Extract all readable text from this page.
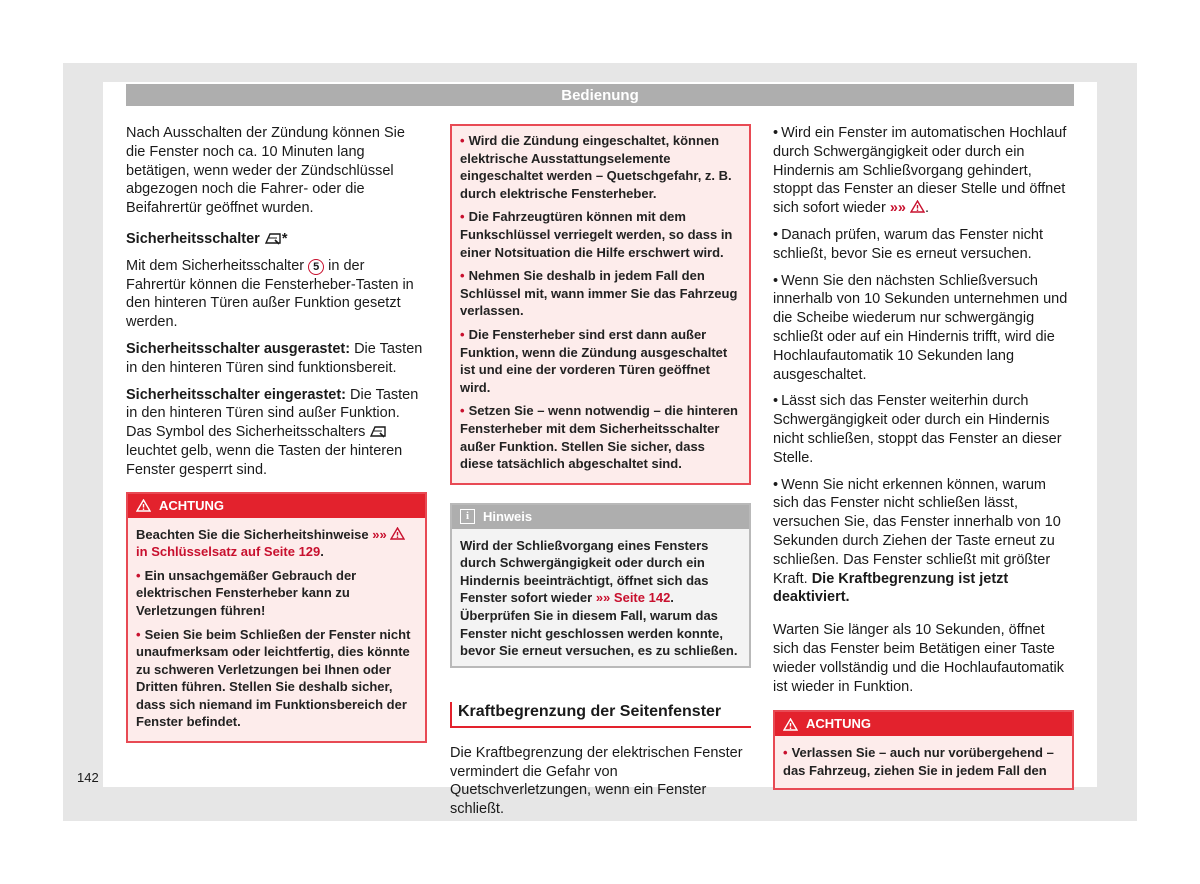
Bedienung

Nach Ausschalten der Zündung können Sie die Fenster noch ca. 10 Minuten lang betätigen, wenn weder der Zündschlüssel abgezogen noch die Fahrer- oder die Beifahrertür geöffnet wurden.

Sicherheitsschalter *

Mit dem Sicherheitsschalter 5 in der Fahrertür können die Fensterheber-Tasten in den hinteren Türen außer Funktion gesetzt werden.

Sicherheitsschalter ausgerastet: Die Tasten in den hinteren Türen sind funktionsbereit.

Sicherheitsschalter eingerastet: Die Tasten in den hinteren Türen sind außer Funktion. Das Symbol des Sicherheitsschalters  leuchtet gelb, wenn die Tasten der hinteren Fenster gesperrt sind.

ACHTUNG

Beachten Sie die Sicherheitshinweise »»  in Schlüsselsatz auf Seite 129.

• Ein unsachgemäßer Gebrauch der elektrischen Fensterheber kann zu Verletzungen führen!

• Seien Sie beim Schließen der Fenster nicht unaufmerksam oder leichtfertig, dies könnte zu schweren Verletzungen bei Ihnen oder Dritten führen. Stellen Sie deshalb sicher, dass sich niemand im Funktionsbereich der Fenster befindet.

• Wird die Zündung eingeschaltet, können elektrische Ausstattungselemente eingeschaltet werden – Quetschgefahr, z. B. durch elektrische Fensterheber.

• Die Fahrzeugtüren können mit dem Funkschlüssel verriegelt werden, so dass in einer Notsituation die Hilfe erschwert wird.

• Nehmen Sie deshalb in jedem Fall den Schlüssel mit, wann immer Sie das Fahrzeug verlassen.

• Die Fensterheber sind erst dann außer Funktion, wenn die Zündung ausgeschaltet ist und eine der vorderen Türen geöffnet wird.

• Setzen Sie – wenn notwendig – die hinteren Fensterheber mit dem Sicherheitsschalter außer Funktion. Stellen Sie sicher, dass diese tatsächlich abgeschaltet sind.

i	Hinweis
Wird der Schließvorgang eines Fensters durch Schwergängigkeit oder durch ein Hindernis beeinträchtigt, öffnet sich das Fenster sofort wieder »» Seite 142. Überprüfen Sie in diesem Fall, warum das Fenster nicht geschlossen werden konnte, bevor Sie erneut versuchen, es zu schließen.
Kraftbegrenzung der Seitenfenster

Die Kraftbegrenzung der elektrischen Fenster vermindert die Gefahr von Quetschverletzungen, wenn ein Fenster schließt.

• Wird ein Fenster im automatischen Hochlauf durch Schwergängigkeit oder durch ein Hindernis am Schließvorgang gehindert, stoppt das Fenster an dieser Stelle und öffnet sich sofort wieder »» .

• Danach prüfen, warum das Fenster nicht schließt, bevor Sie es erneut versuchen.

• Wenn Sie den nächsten Schließversuch innerhalb von 10 Sekunden unternehmen und die Scheibe wiederum nur schwergängig schließt oder auf ein Hindernis trifft, wird die Hochlaufautomatik 10 Sekunden lang ausgeschaltet.

• Lässt sich das Fenster weiterhin durch Schwergängigkeit oder durch ein Hindernis nicht schließen, stoppt das Fenster an dieser Stelle.

• Wenn Sie nicht erkennen können, warum sich das Fenster nicht schließen lässt, versuchen Sie, das Fenster innerhalb von 10 Sekunden durch Ziehen der Taste erneut zu schließen. Das Fenster schließt mit größter Kraft. Die Kraftbegrenzung ist jetzt deaktiviert.

Warten Sie länger als 10 Sekunden, öffnet sich das Fenster beim Betätigen einer Taste wieder vollständig und die Hochlaufautomatik ist wieder in Funktion.

ACHTUNG

• Verlassen Sie – auch nur vorübergehend – das Fahrzeug, ziehen Sie in jedem Fall den

142
